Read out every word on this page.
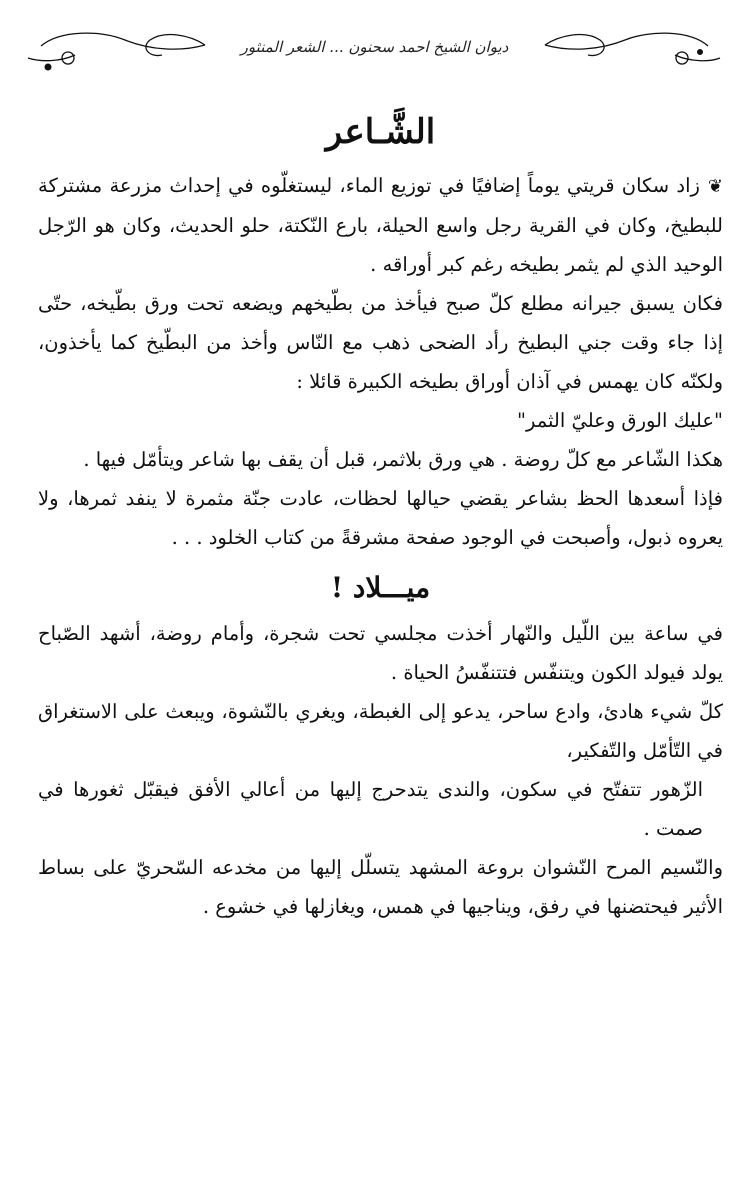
ديوان الشيخ احمد سحنون ... الشعر المنثور
الشَّـاعر

❦زاد سكان قريتي يوماً إضافيًا في توزيع الماء، ليستغلّوه في إحداث مزرعة مشتركة للبطيخ، وكان في القرية رجل واسع الحيلة، بارع النّكتة، حلو الحديث، وكان هو الرّجل الوحيد الذي لم يثمر بطيخه رغم كبر أوراقه .

فكان يسبق جيرانه مطلع كلّ صبح فيأخذ من بطّيخهم ويضعه تحت ورق بطّيخه، حتّى إذا جاء وقت جني البطيخ رأد الضحى ذهب مع النّاس وأخذ من البطّيخ كما يأخذون، ولكنّه كان يهمس في آذان أوراق بطيخه الكبيرة قائلا :

"عليك الورق وعليّ الثمر"

هكذا الشّاعر مع كلّ روضة . هي ورق بلاثمر، قبل أن يقف بها شاعر ويتأمّل فيها .

فإذا أسعدها الحظ بشاعر يقضي حيالها لحظات، عادت جنّة مثمرة لا ينفد ثمرها، ولا يعروه ذبول، وأصبحت في الوجود صفحة مشرقةً من كتاب الخلود . . .

ميـــلاد !

في ساعة بين اللّيل والنّهار أخذت مجلسي تحت شجرة، وأمام روضة، أشهد الصّباح يولد فيولد الكون ويتنفّس فتتنفّسُ الحياة .

كلّ شيء هادئ، وادع ساحر، يدعو إلى الغبطة، ويغري بالنّشوة، ويبعث على الاستغراق في التّأمّل والتّفكير،

الزّهور تتفتّح في سكون، والندى يتدحرج إليها من أعالي الأفق فيقبّل ثغورها في صمت .

والنّسيم المرح النّشوان بروعة المشهد يتسلّل إليها من مخدعه السّحريّ على بساط الأثير فيحتضنها في رفق، ويناجيها في همس، ويغازلها في خشوع .
